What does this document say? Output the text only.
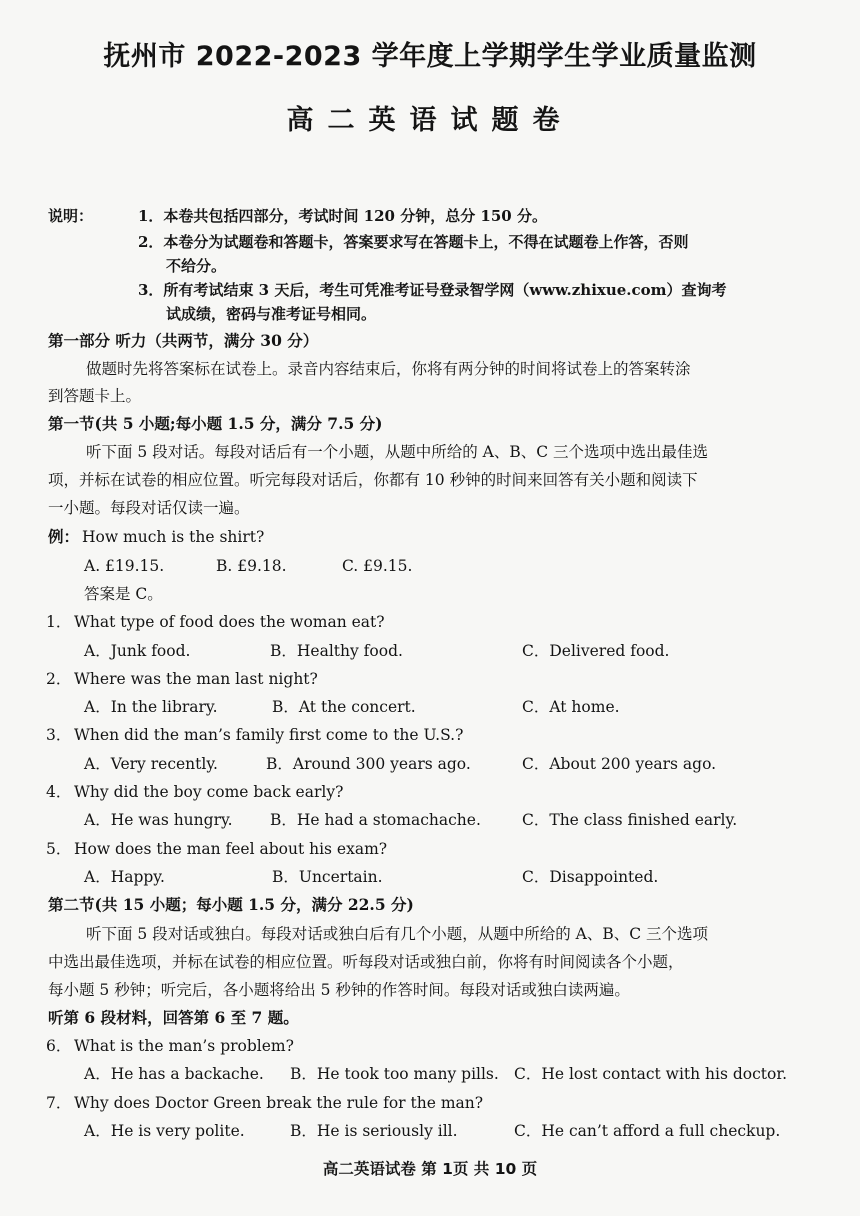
抚州市 2022-2023 学年度上学期学生学业质量监测
高二英语试题卷
说明：	1．本卷共包括四部分，考试时间 120 分钟，总分 150 分。
2．本卷分为试题卷和答题卡，答案要求写在答题卡上，不得在试题卷上作答，否则
不给分。
3．所有考试结束 3 天后，考生可凭准考证号登录智学网（www.zhixue.com）查询考
试成绩，密码与准考证号相同。
第一部分 听力（共两节，满分 30 分）
做题时先将答案标在试卷上。录音内容结束后，你将有两分钟的时间将试卷上的答案转涂
到答题卡上。
第一节(共 5 小题;每小题 1.5 分，满分 7.5 分)
听下面 5 段对话。每段对话后有一个小题，从题中所给的 A、B、C 三个选项中选出最佳选
项，并标在试卷的相应位置。听完每段对话后，你都有 10 秒钟的时间来回答有关小题和阅读下
一小题。每段对话仅读一遍。
例： How much is the shirt?
A. £19.15.	B. £9.18.	C. £9.15.
答案是 C。
1． What type of food does the woman eat?
A．Junk food.	B．Healthy food.	C．Delivered food.
2． Where was the man last night?
A．In the library.	B．At the concert.	C．At home.
3． When did the man’s family first come to the U.S.?
A．Very recently.	B．Around 300 years ago.	C．About 200 years ago.
4． Why did the boy come back early?
A．He was hungry. B．He had a stomachache.	C．The class finished early.
5． How does the man feel about his exam?
A．Happy.	B．Uncertain.	C．Disappointed.
第二节(共 15 小题；每小题 1.5 分，满分 22.5 分)
听下面 5 段对话或独白。每段对话或独白后有几个小题，从题中所给的 A、B、C 三个选项
中选出最佳选项，并标在试卷的相应位置。听每段对话或独白前，你将有时间阅读各个小题，
每小题 5 秒钟；听完后，各小题将给出 5 秒钟的作答时间。每段对话或独白读两遍。
听第 6 段材料，回答第 6 至 7 题。
6． What is the man’s problem?
A．He has a backache. B．He took too many pills. C．He lost contact with his doctor.
7． Why does Doctor Green break the rule for the man?
A．He is very polite.	B．He is seriously ill.	C．He can’t afford a full checkup.
高二英语试卷 第 1页 共 10 页
